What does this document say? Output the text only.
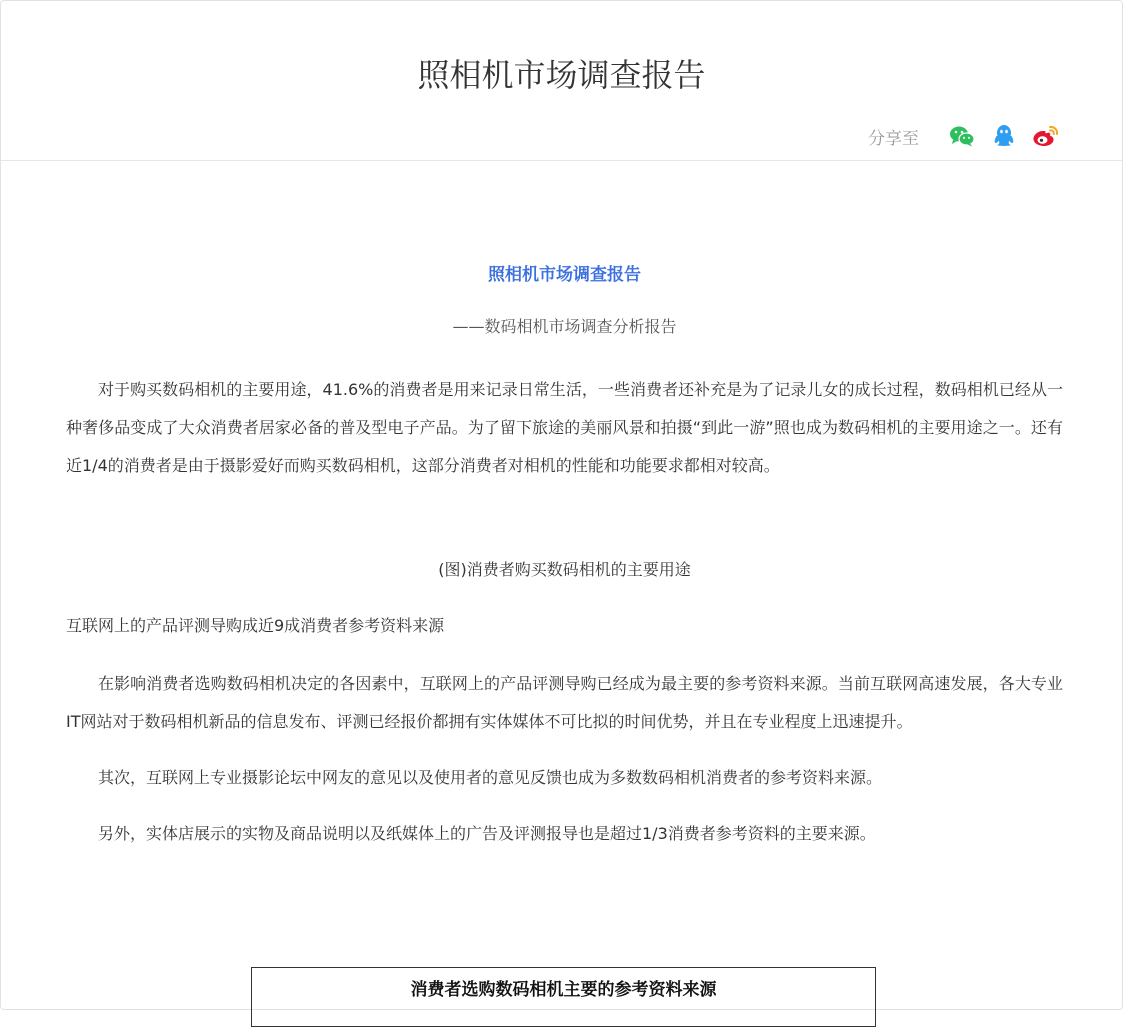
照相机市场调查报告
分享至

照相机市场调查报告

——数码相机市场调查分析报告

对于购买数码相机的主要用途，41.6%的消费者是用来记录日常生活，一些消费者还补充是为了记录儿女的成长过程，数码相机已经从一种奢侈品变成了大众消费者居家必备的普及型电子产品。为了留下旅途的美丽风景和拍摄“到此一游”照也成为数码相机的主要用途之一。还有近1/4的消费者是由于摄影爱好而购买数码相机，这部分消费者对相机的性能和功能要求都相对较高。

(图)消费者购买数码相机的主要用途

互联网上的产品评测导购成近9成消费者参考资料来源

在影响消费者选购数码相机决定的各因素中，互联网上的产品评测导购已经成为最主要的参考资料来源。当前互联网高速发展，各大专业IT网站对于数码相机新品的信息发布、评测已经报价都拥有实体媒体不可比拟的时间优势，并且在专业程度上迅速提升。

其次，互联网上专业摄影论坛中网友的意见以及使用者的意见反馈也成为多数数码相机消费者的参考资料来源。

另外，实体店展示的实物及商品说明以及纸媒体上的广告及评测报导也是超过1/3消费者参考资料的主要来源。

消费者选购数码相机主要的参考资料来源
